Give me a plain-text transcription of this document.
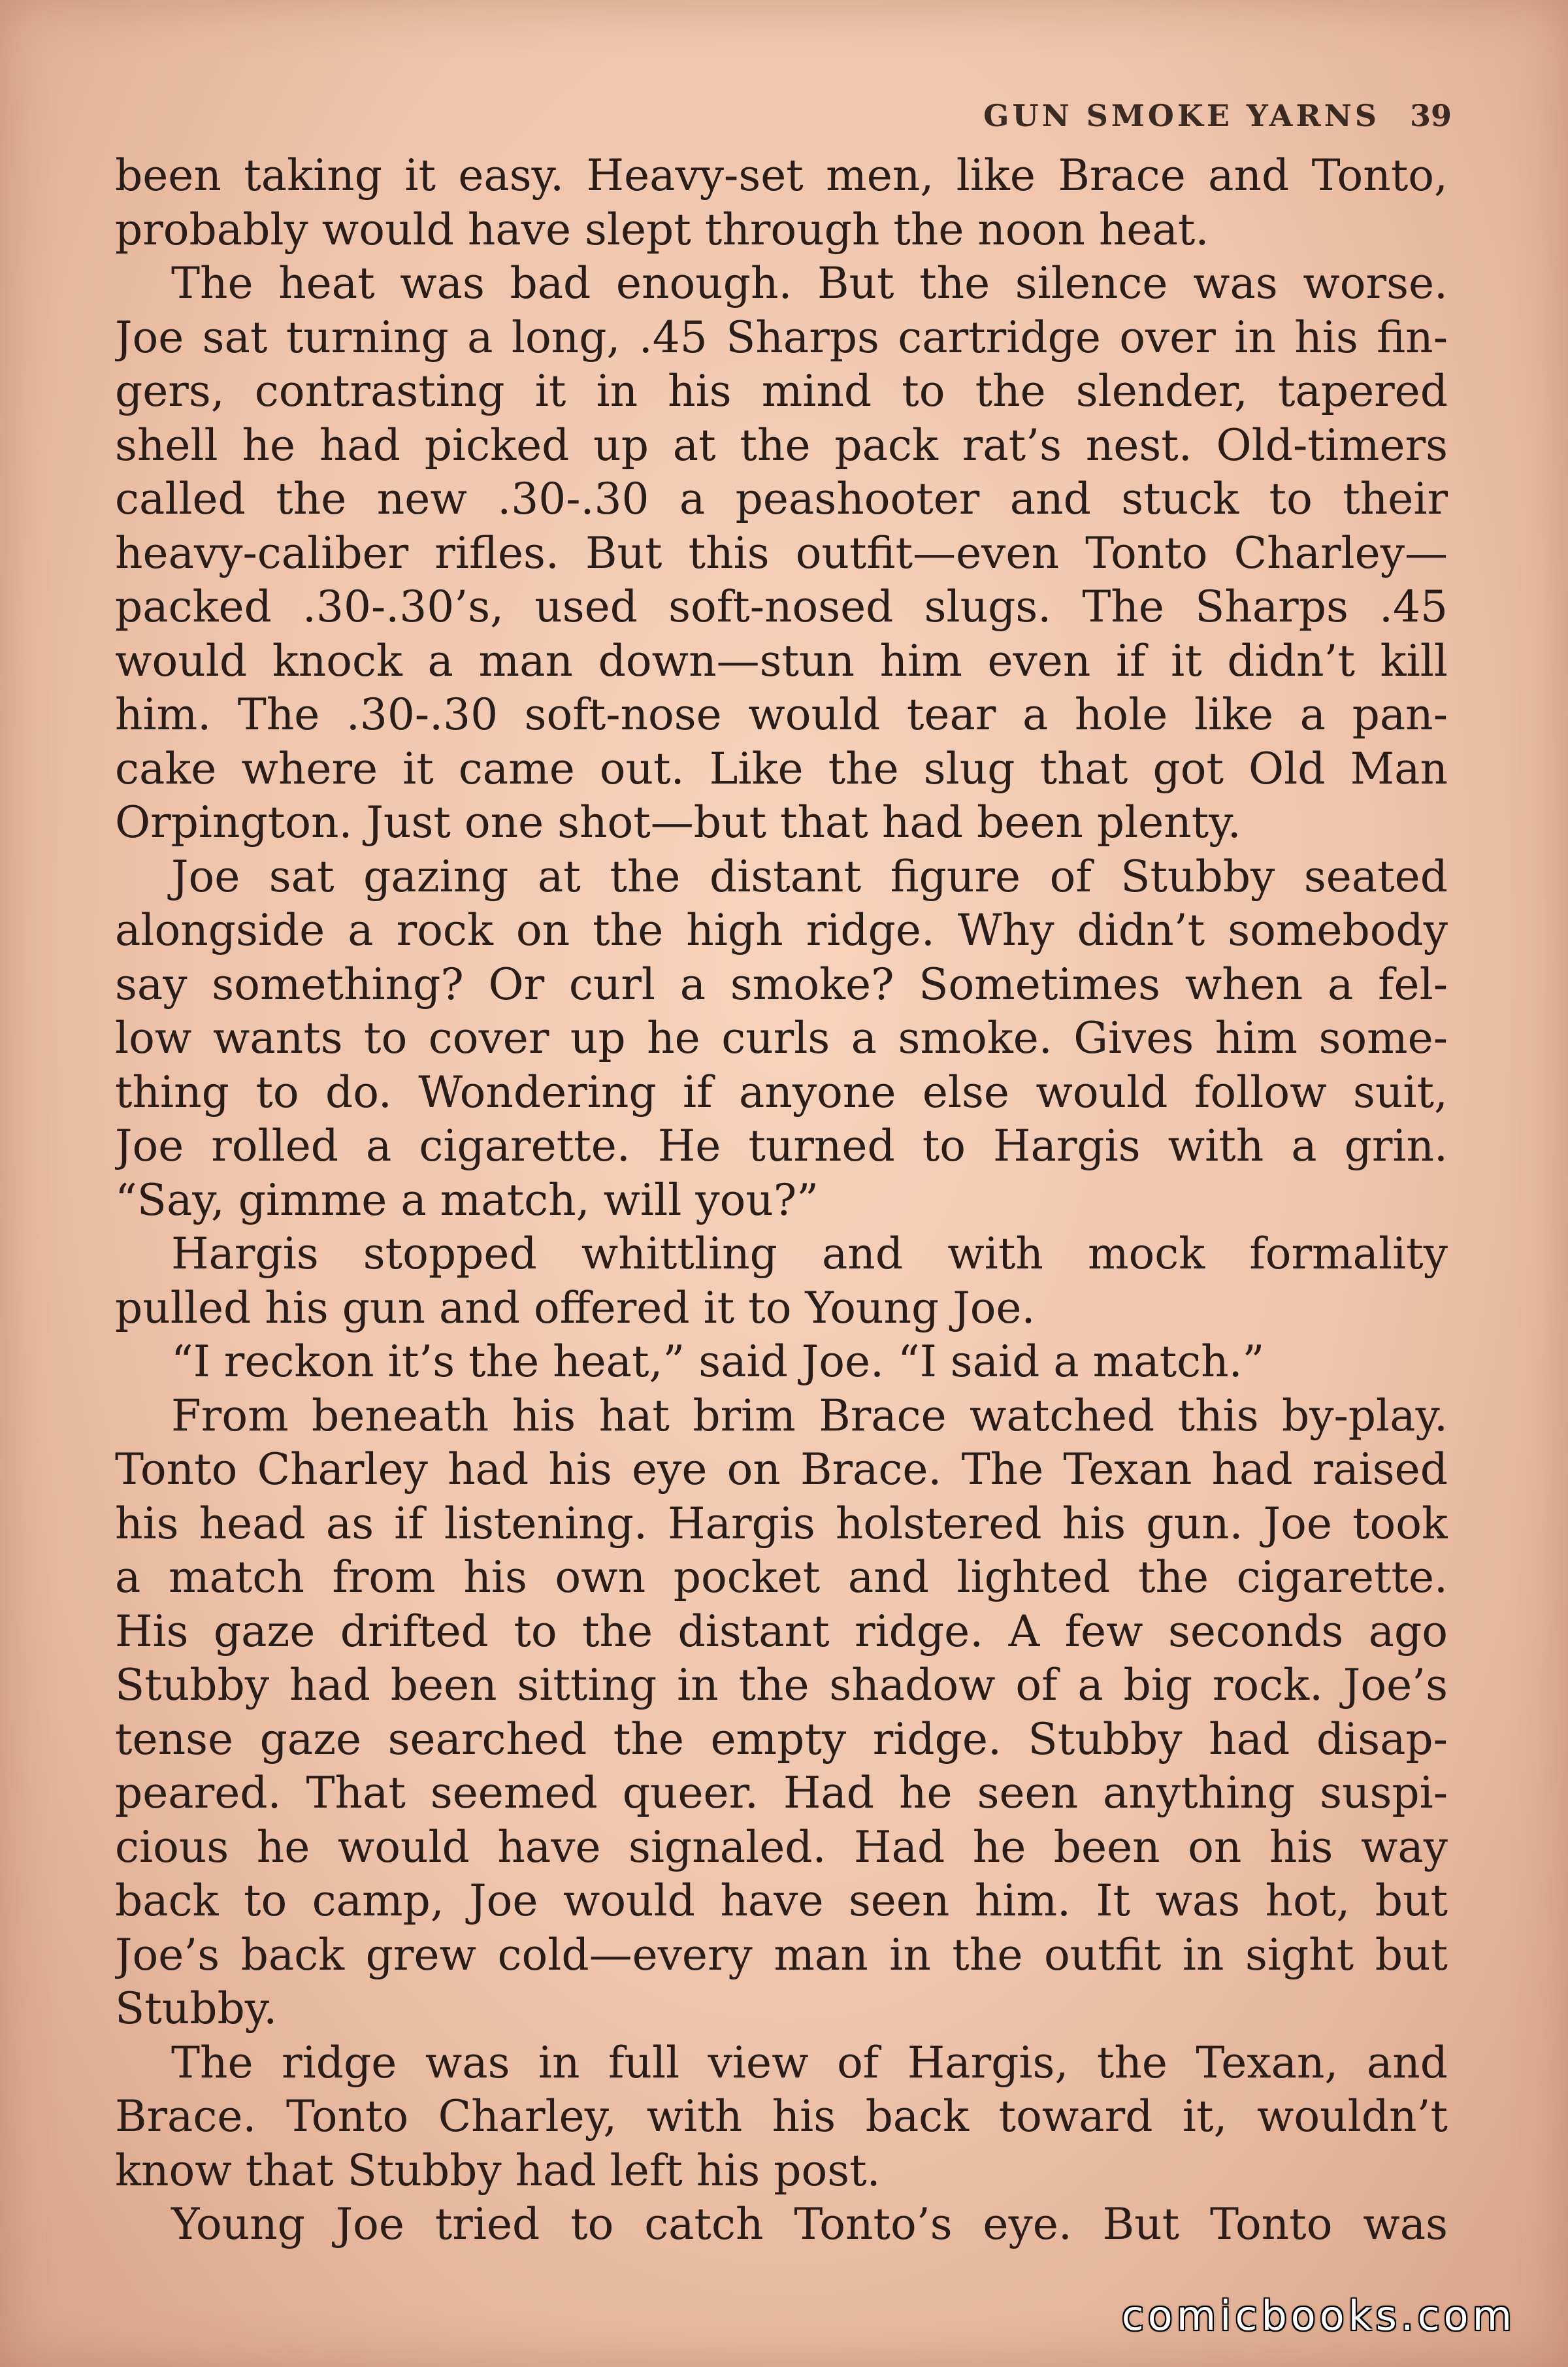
GUN SMOKE YARNS 39
been taking it easy. Heavy-set men, like Brace and Tonto,
probably would have slept through the noon heat.
The heat was bad enough. But the silence was worse.
Joe sat turning a long, .45 Sharps cartridge over in his fin-
gers, contrasting it in his mind to the slender, tapered
shell he had picked up at the pack rat’s nest. Old-timers
called the new .30-.30 a peashooter and stuck to their
heavy-caliber rifles. But this outfit—even Tonto Charley—
packed .30-.30’s, used soft-nosed slugs. The Sharps .45
would knock a man down—stun him even if it didn’t kill
him. The .30-.30 soft-nose would tear a hole like a pan-
cake where it came out. Like the slug that got Old Man
Orpington. Just one shot—but that had been plenty.
Joe sat gazing at the distant figure of Stubby seated
alongside a rock on the high ridge. Why didn’t somebody
say something? Or curl a smoke? Sometimes when a fel-
low wants to cover up he curls a smoke. Gives him some-
thing to do. Wondering if anyone else would follow suit,
Joe rolled a cigarette. He turned to Hargis with a grin.
“Say, gimme a match, will you?”
Hargis stopped whittling and with mock formality
pulled his gun and offered it to Young Joe.
“I reckon it’s the heat,” said Joe. “I said a match.”
From beneath his hat brim Brace watched this by-play.
Tonto Charley had his eye on Brace. The Texan had raised
his head as if listening. Hargis holstered his gun. Joe took
a match from his own pocket and lighted the cigarette.
His gaze drifted to the distant ridge. A few seconds ago
Stubby had been sitting in the shadow of a big rock. Joe’s
tense gaze searched the empty ridge. Stubby had disap-
peared. That seemed queer. Had he seen anything suspi-
cious he would have signaled. Had he been on his way
back to camp, Joe would have seen him. It was hot, but
Joe’s back grew cold—every man in the outfit in sight but
Stubby.
The ridge was in full view of Hargis, the Texan, and
Brace. Tonto Charley, with his back toward it, wouldn’t
know that Stubby had left his post.
Young Joe tried to catch Tonto’s eye. But Tonto was
comicbooks.com
